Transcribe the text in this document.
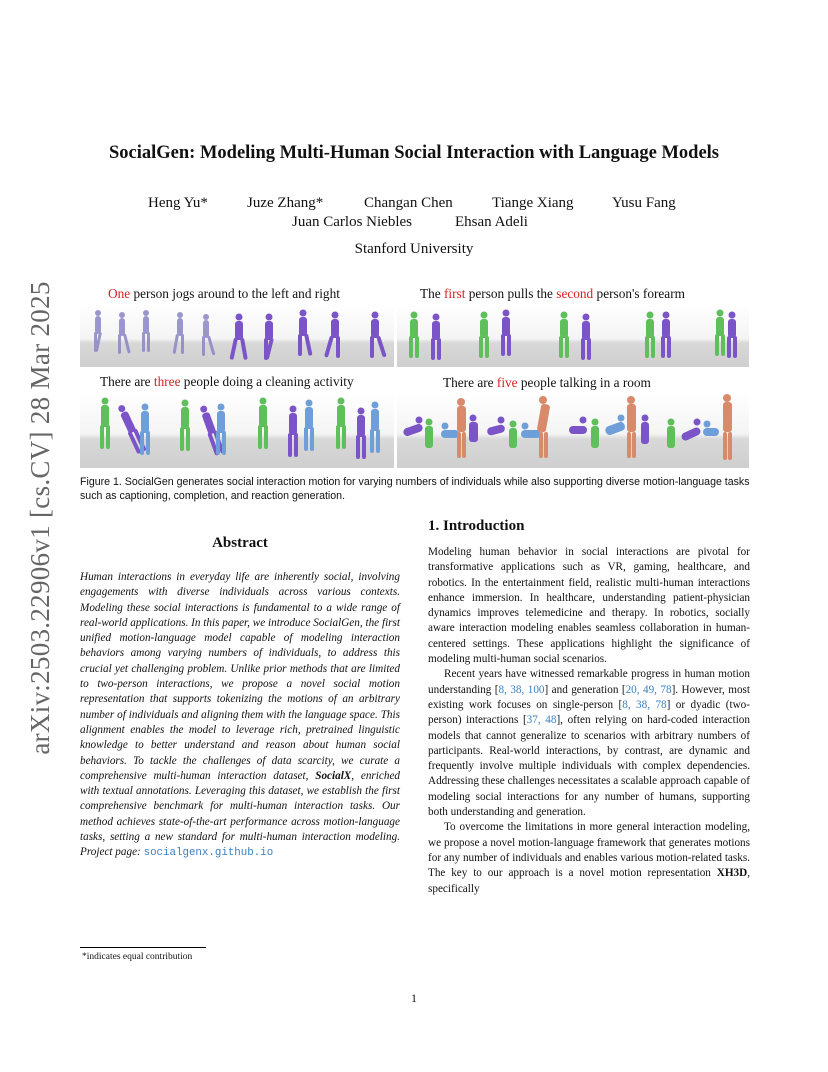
arXiv:2503.22906v1 [cs.CV] 28 Mar 2025
SocialGen: Modeling Multi-Human Social Interaction with Language Models
Heng Yu*	Juze Zhang*	Changan Chen	Tiange Xiang	Yusu Fang
Juan Carlos Niebles	Ehsan Adeli
Stanford University
One person jogs around to the left and right	The first person pulls the second person's forearm
There are three people doing a cleaning activity	There are five people talking in a room
Figure 1. SocialGen generates social interaction motion for varying numbers of individuals while also supporting diverse motion-language tasks such as captioning, completion, and reaction generation.
Abstract
Human interactions in everyday life are inherently social, involving engagements with diverse individuals across various contexts. Modeling these social interactions is fundamental to a wide range of real-world applications. In this paper, we introduce SocialGen, the first unified motion-language model capable of modeling interaction behaviors among varying numbers of individuals, to address this crucial yet challenging problem. Unlike prior methods that are limited to two-person interactions, we propose a novel social motion representation that supports tokenizing the motions of an arbitrary number of individuals and aligning them with the language space. This alignment enables the model to leverage rich, pretrained linguistic knowledge to better understand and reason about human social behaviors. To tackle the challenges of data scarcity, we curate a comprehensive multi-human interaction dataset, SocialX, enriched with textual annotations. Leveraging this dataset, we establish the first comprehensive benchmark for multi-human interaction tasks. Our method achieves state-of-the-art performance across motion-language tasks, setting a new standard for multi-human interaction modeling. Project page: socialgenx.github.io
1. Introduction

Modeling human behavior in social interactions are pivotal for transformative applications such as VR, gaming, healthcare, and robotics. In the entertainment field, realistic multi-human interactions enhance immersion. In healthcare, understanding patient-physician dynamics improves telemedicine and therapy. In robotics, socially aware interaction modeling enables seamless collaboration in human-centered settings. These applications highlight the significance of modeling multi-human social scenarios.

Recent years have witnessed remarkable progress in human motion understanding [8, 38, 100] and generation [20, 49, 78]. However, most existing work focuses on single-person [8, 38, 78] or dyadic (two-person) interactions [37, 48], often relying on hard-coded interaction models that cannot generalize to scenarios with arbitrary numbers of participants. Real-world interactions, by contrast, are dynamic and frequently involve multiple individuals with complex dependencies. Addressing these challenges necessitates a scalable approach capable of modeling social interactions for any number of humans, supporting both understanding and generation.

To overcome the limitations in more general interaction modeling, we propose a novel motion-language framework that generates motions for any number of individuals and enables various motion-related tasks. The key to our approach is a novel motion representation XH3D, specifically

*indicates equal contribution
1
